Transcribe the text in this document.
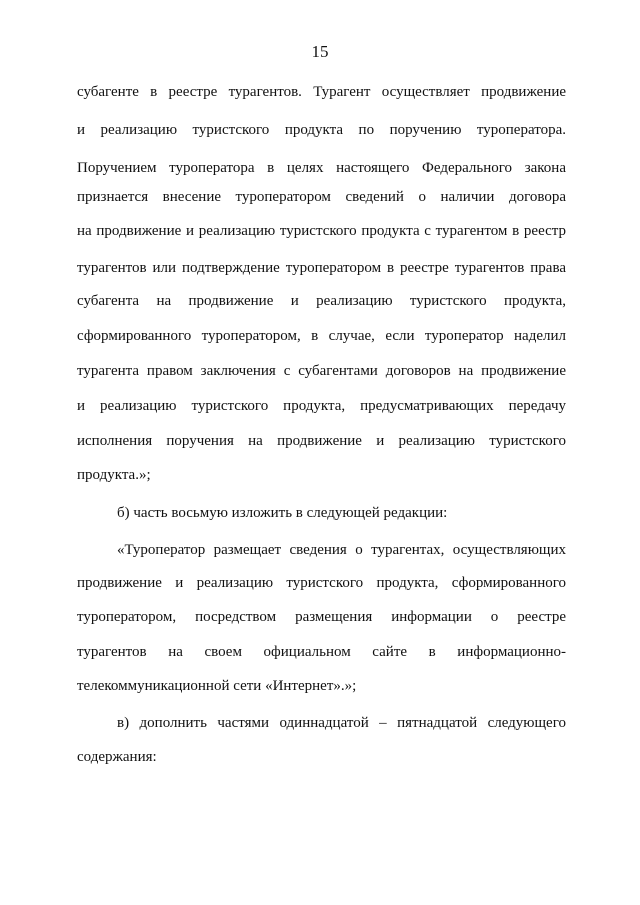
15
субагенте в реестре турагентов. Турагент осуществляет продвижение
и реализацию туристского продукта по поручению туроператора.
Поручением туроператора в целях настоящего Федерального закона
признается внесение туроператором сведений о наличии договора
на продвижение и реализацию туристского продукта с турагентом в реестр
турагентов или подтверждение туроператором в реестре турагентов права
субагента на продвижение и реализацию туристского продукта,
сформированного туроператором, в случае, если туроператор наделил
турагента правом заключения с субагентами договоров на продвижение
и реализацию туристского продукта, предусматривающих передачу
исполнения поручения на продвижение и реализацию туристского
продукта.»;
б) часть восьмую изложить в следующей редакции:
«Туроператор размещает сведения о турагентах, осуществляющих
продвижение и реализацию туристского продукта, сформированного
туроператором, посредством размещения информации о реестре
турагентов на своем официальном сайте в информационно-
телекоммуникационной сети «Интернет».»;
в) дополнить частями одиннадцатой – пятнадцатой следующего
содержания:
